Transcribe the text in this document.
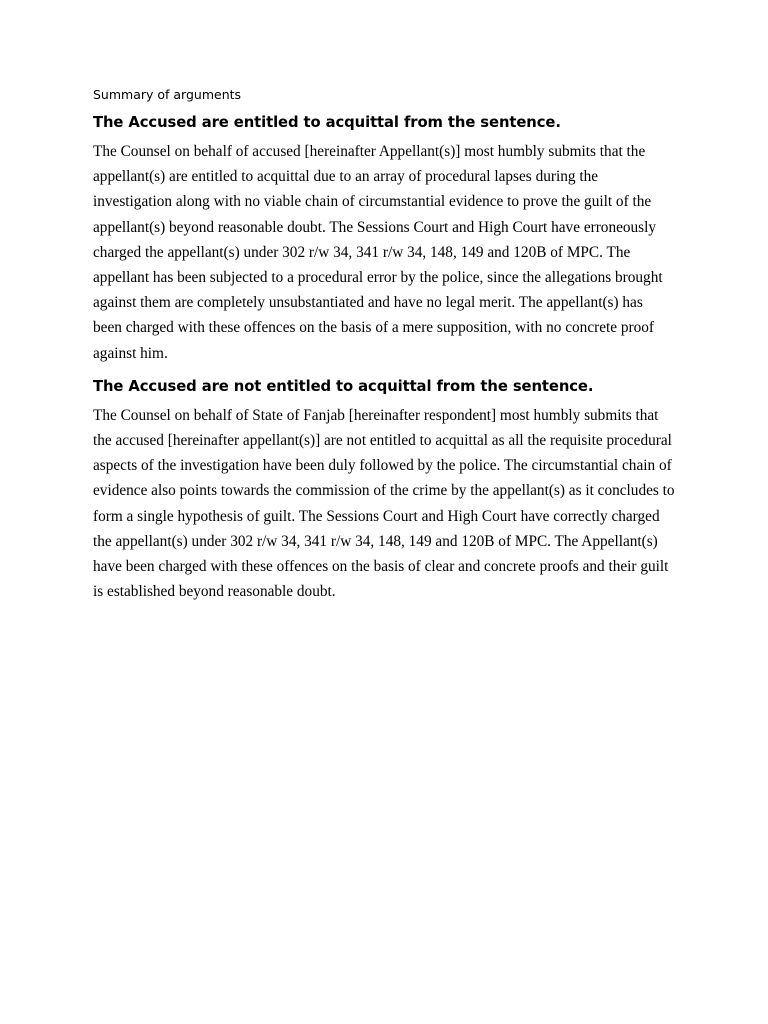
Summary of arguments
The Accused are entitled to acquittal from the sentence.

The Counsel on behalf of accused [hereinafter Appellant(s)] most humbly submits that the appellant(s) are entitled to acquittal due to an array of procedural lapses during the investigation along with no viable chain of circumstantial evidence to prove the guilt of the appellant(s) beyond reasonable doubt. The Sessions Court and High Court have erroneously charged the appellant(s) under 302 r/w 34, 341 r/w 34, 148, 149 and 120B of MPC. The appellant has been subjected to a procedural error by the police, since the allegations brought against them are completely unsubstantiated and have no legal merit. The appellant(s) has been charged with these offences on the basis of a mere supposition, with no concrete proof against him.

The Accused are not entitled to acquittal from the sentence.

The Counsel on behalf of State of Fanjab [hereinafter respondent] most humbly submits that the accused [hereinafter appellant(s)] are not entitled to acquittal as all the requisite procedural aspects of the investigation have been duly followed by the police. The circumstantial chain of evidence also points towards the commission of the crime by the appellant(s) as it concludes to form a single hypothesis of guilt. The Sessions Court and High Court have correctly charged the appellant(s) under 302 r/w 34, 341 r/w 34, 148, 149 and 120B of MPC. The Appellant(s) have been charged with these offences on the basis of clear and concrete proofs and their guilt is established beyond reasonable doubt.
